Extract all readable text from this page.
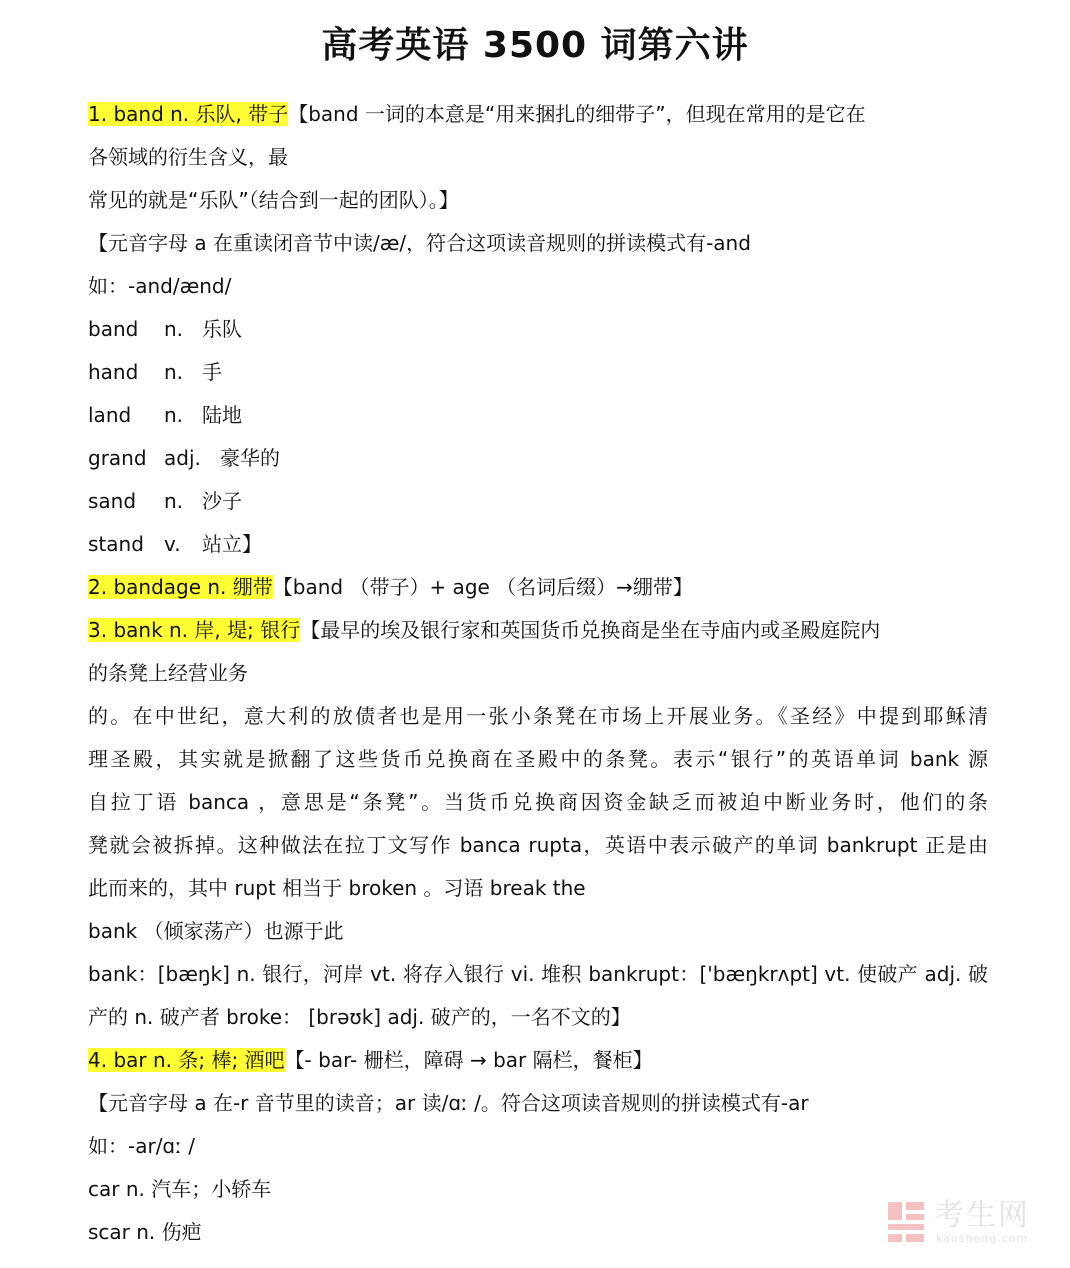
高考英语 3500 词第六讲
1. band n. 乐队, 带子【band 一词的本意是“用来捆扎的细带子”，但现在常用的是它在
各领域的衍生含义，最
常见的就是“乐队”（结合到一起的团队）。】
【元音字母 a 在重读闭音节中读/æ/，符合这项读音规则的拼读模式有-and
如：-and/ænd/
band n. 乐队
hand n. 手
land n. 陆地
grand adj. 豪华的
sand n. 沙子
stand v. 站立】
2. bandage n. 绷带【band （带子）+ age （名词后缀）→绷带】
3. bank n. 岸, 堤; 银行【最早的埃及银行家和英国货币兑换商是坐在寺庙内或圣殿庭院内
的条凳上经营业务
的。在中世纪，意大利的放债者也是用一张小条凳在市场上开展业务。《圣经》中提到耶稣清
理圣殿，其实就是掀翻了这些货币兑换商在圣殿中的条凳。表示“银行”的英语单词 bank 源
自拉丁语 banca ，意思是“条凳”。当货币兑换商因资金缺乏而被迫中断业务时，他们的条
凳就会被拆掉。这种做法在拉丁文写作 banca rupta，英语中表示破产的单词 bankrupt 正是由
此而来的，其中 rupt 相当于 broken 。习语 break the
bank （倾家荡产）也源于此
bank：[bæŋk] n. 银行，河岸 vt. 将存入银行 vi. 堆积 bankrupt：['bæŋkrʌpt] vt. 使破产 adj. 破
产的 n. 破产者 broke： [brəʊk] adj. 破产的，一名不文的】
4. bar n. 条; 棒; 酒吧【- bar- 栅栏，障碍 → bar 隔栏，餐柜】
【元音字母 a 在-r 音节里的读音；ar 读/ɑː /。符合这项读音规则的拼读模式有-ar
如：-ar/ɑː /
car n. 汽车；小轿车
scar n. 伤疤	考生网
kaosheng.com
